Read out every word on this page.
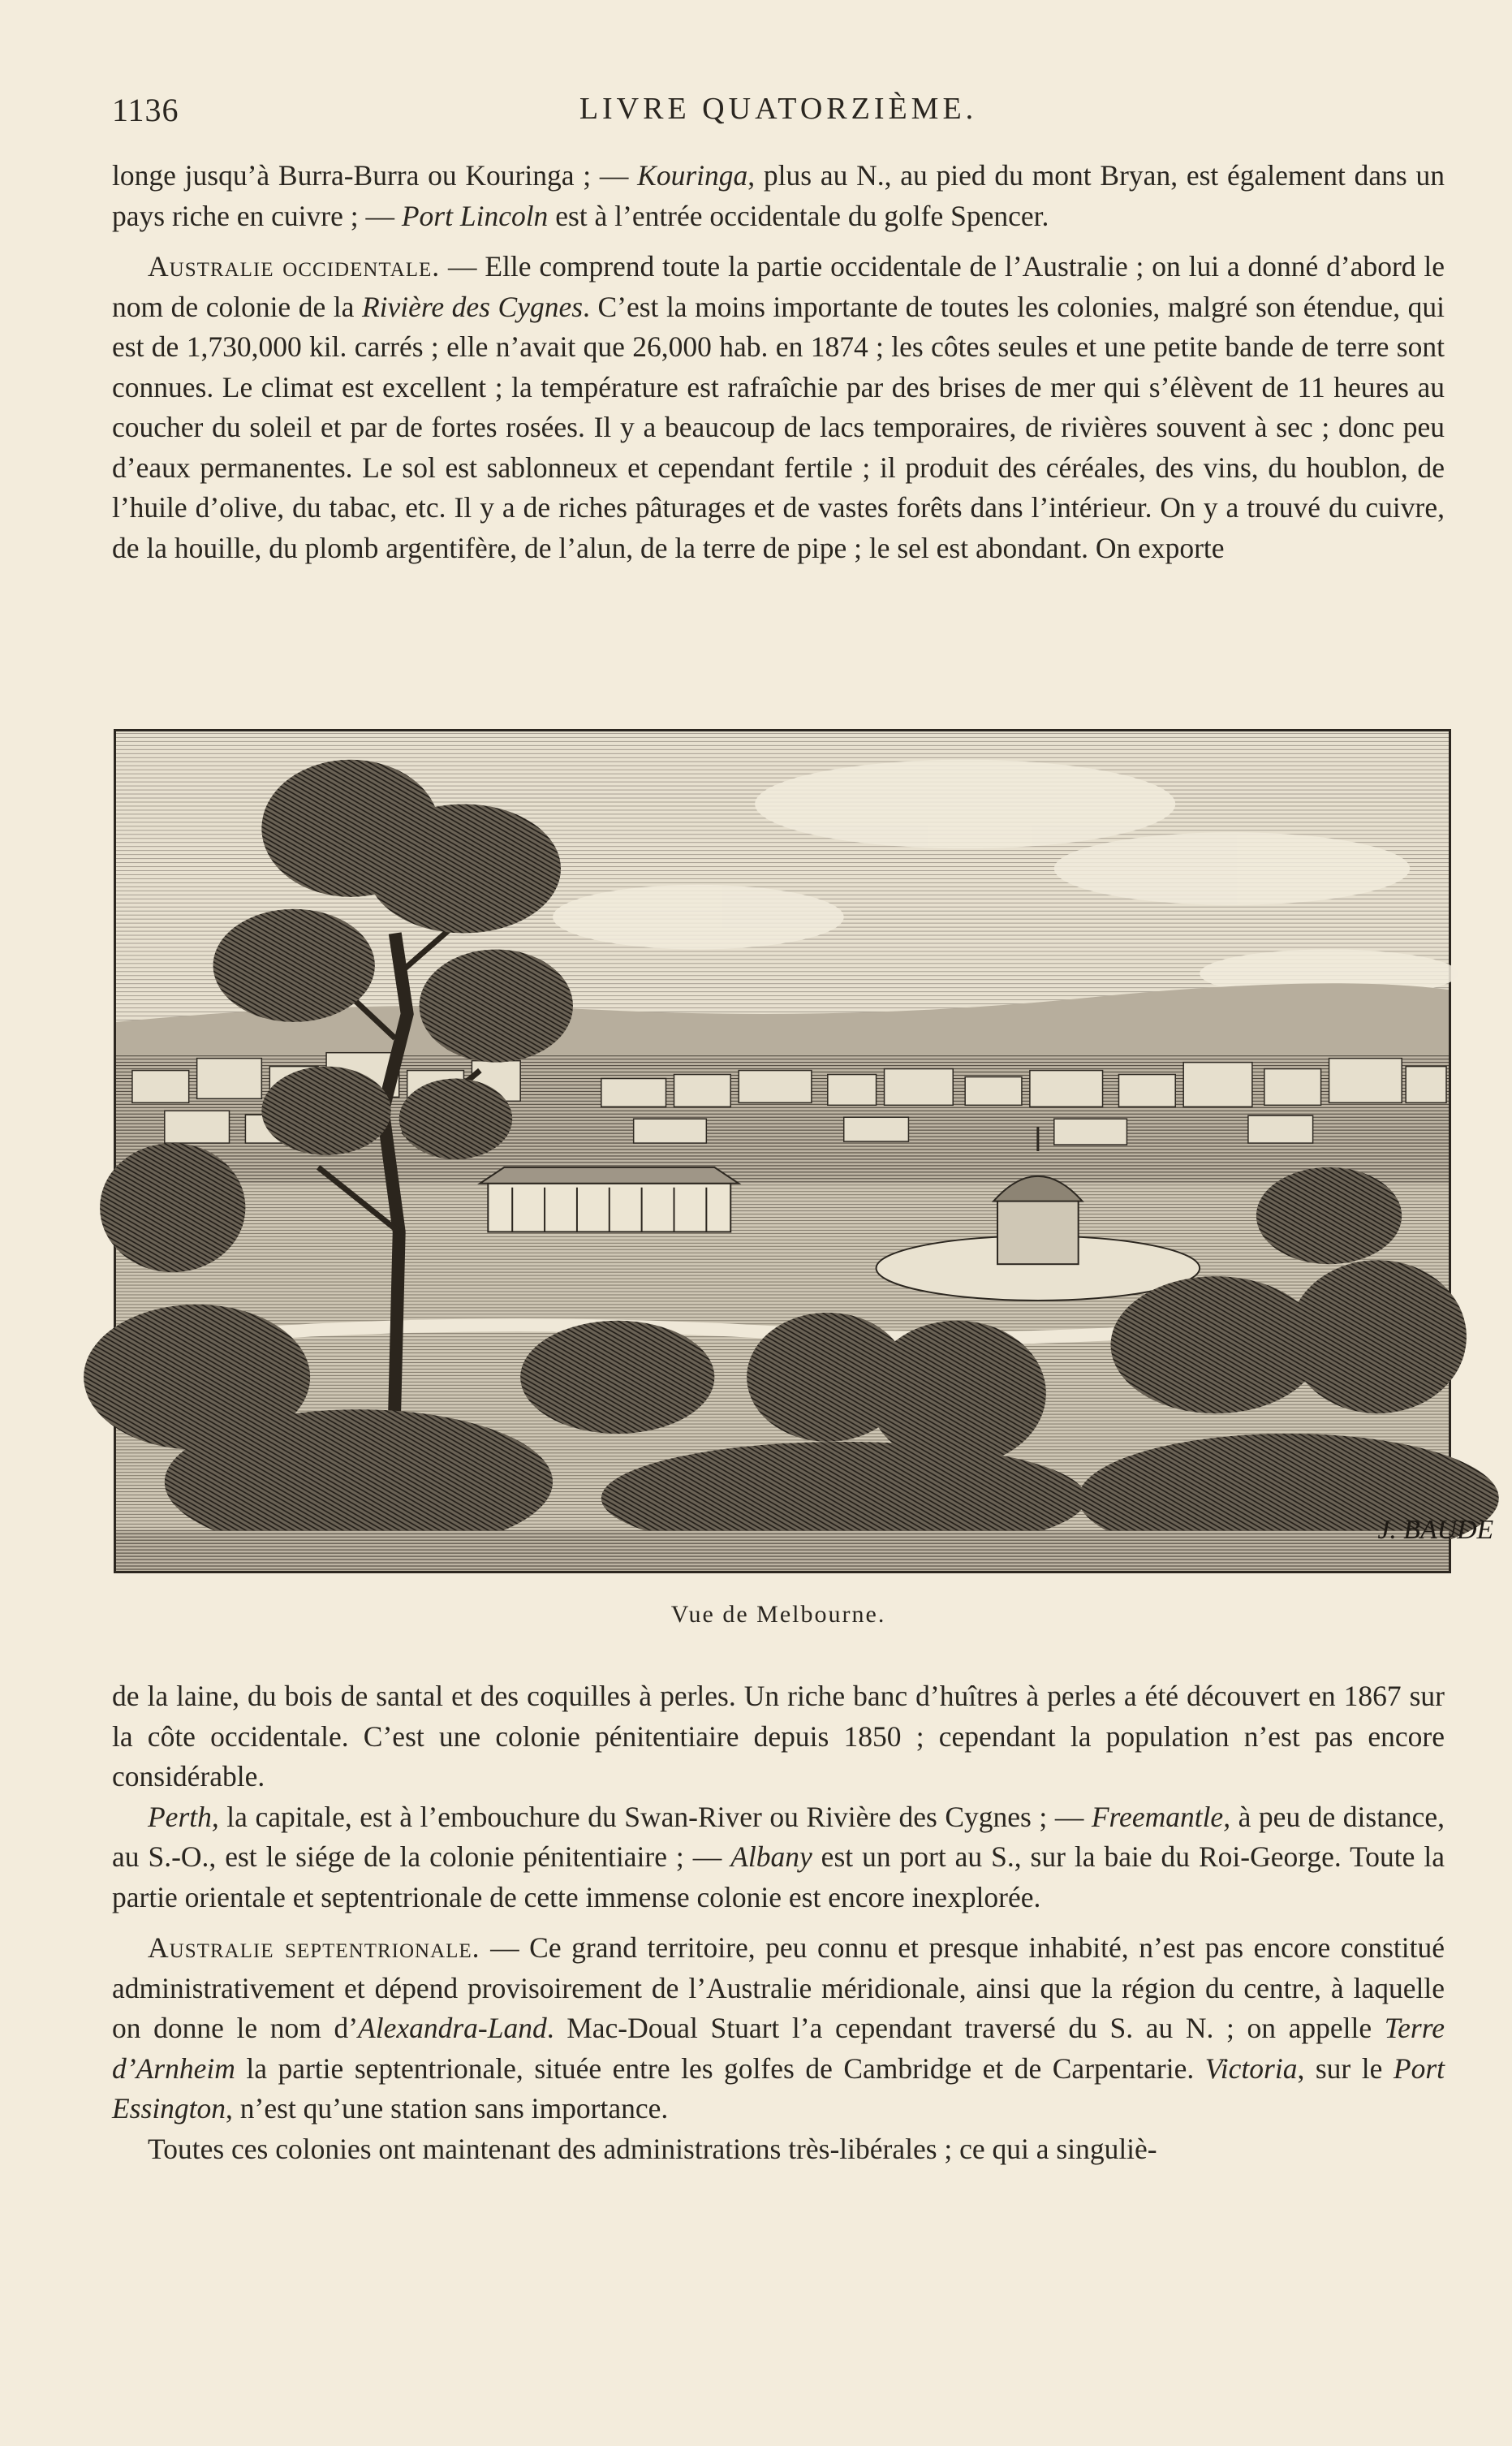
1136	LIVRE QUATORZIÈME.

longe jusqu’à Burra-Burra ou Kouringa ; — Kouringa, plus au N., au pied du mont Bryan, est également dans un pays riche en cuivre ; — Port Lincoln est à l’entrée occidentale du golfe Spencer.

Australie occidentale. — Elle comprend toute la partie occidentale de l’Australie ; on lui a donné d’abord le nom de colonie de la Rivière des Cygnes. C’est la moins importante de toutes les colonies, malgré son étendue, qui est de 1,730,000 kil. carrés ; elle n’avait que 26,000 hab. en 1874 ; les côtes seules et une petite bande de terre sont connues. Le climat est excellent ; la température est rafraîchie par des brises de mer qui s’élèvent de 11 heures au coucher du soleil et par de fortes rosées. Il y a beaucoup de lacs temporaires, de rivières souvent à sec ; donc peu d’eaux permanentes. Le sol est sablonneux et cependant fertile ; il produit des céréales, des vins, du houblon, de l’huile d’olive, du tabac, etc. Il y a de riches pâturages et de vastes forêts dans l’intérieur. On y a trouvé du cuivre, de la houille, du plomb argentifère, de l’alun, de la terre de pipe ; le sel est abondant. On exporte

J. BAUDE
Vue de Melbourne.

de la laine, du bois de santal et des coquilles à perles. Un riche banc d’huîtres à perles a été découvert en 1867 sur la côte occidentale. C’est une colonie pénitentiaire depuis 1850 ; cependant la population n’est pas encore considérable.

Perth, la capitale, est à l’embouchure du Swan-River ou Rivière des Cygnes ; — Freemantle, à peu de distance, au S.-O., est le siége de la colonie pénitentiaire ; — Albany est un port au S., sur la baie du Roi-George. Toute la partie orientale et septentrionale de cette immense colonie est encore inexplorée.

Australie septentrionale. — Ce grand territoire, peu connu et presque inhabité, n’est pas encore constitué administrativement et dépend provisoirement de l’Australie méridionale, ainsi que la région du centre, à laquelle on donne le nom d’Alexandra-Land. Mac-Doual Stuart l’a cependant traversé du S. au N. ; on appelle Terre d’Arnheim la partie septentrionale, située entre les golfes de Cambridge et de Carpentarie. Victoria, sur le Port Essington, n’est qu’une station sans importance.

Toutes ces colonies ont maintenant des administrations très-libérales ; ce qui a singuliè-
